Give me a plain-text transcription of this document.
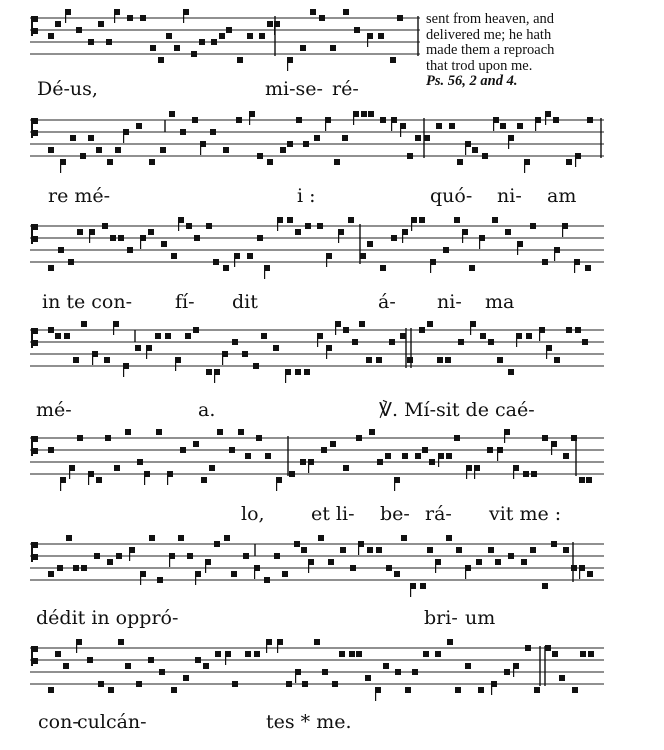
Dé-us,	mi-se- ré-
sent from heaven, and
delivered me; he hath
made them a reproach
that trod upon me.
Ps. 56, 2 and 4.
re mé-	i :	quó- ni- am
in te con- fí- dit	á- ni- ma
mé-	a.	℣. Mí-sit de caé-
lo, et li- be- rá- vit me :
dédit in oppró-	bri- um
con-
culcán-	tes * me.
